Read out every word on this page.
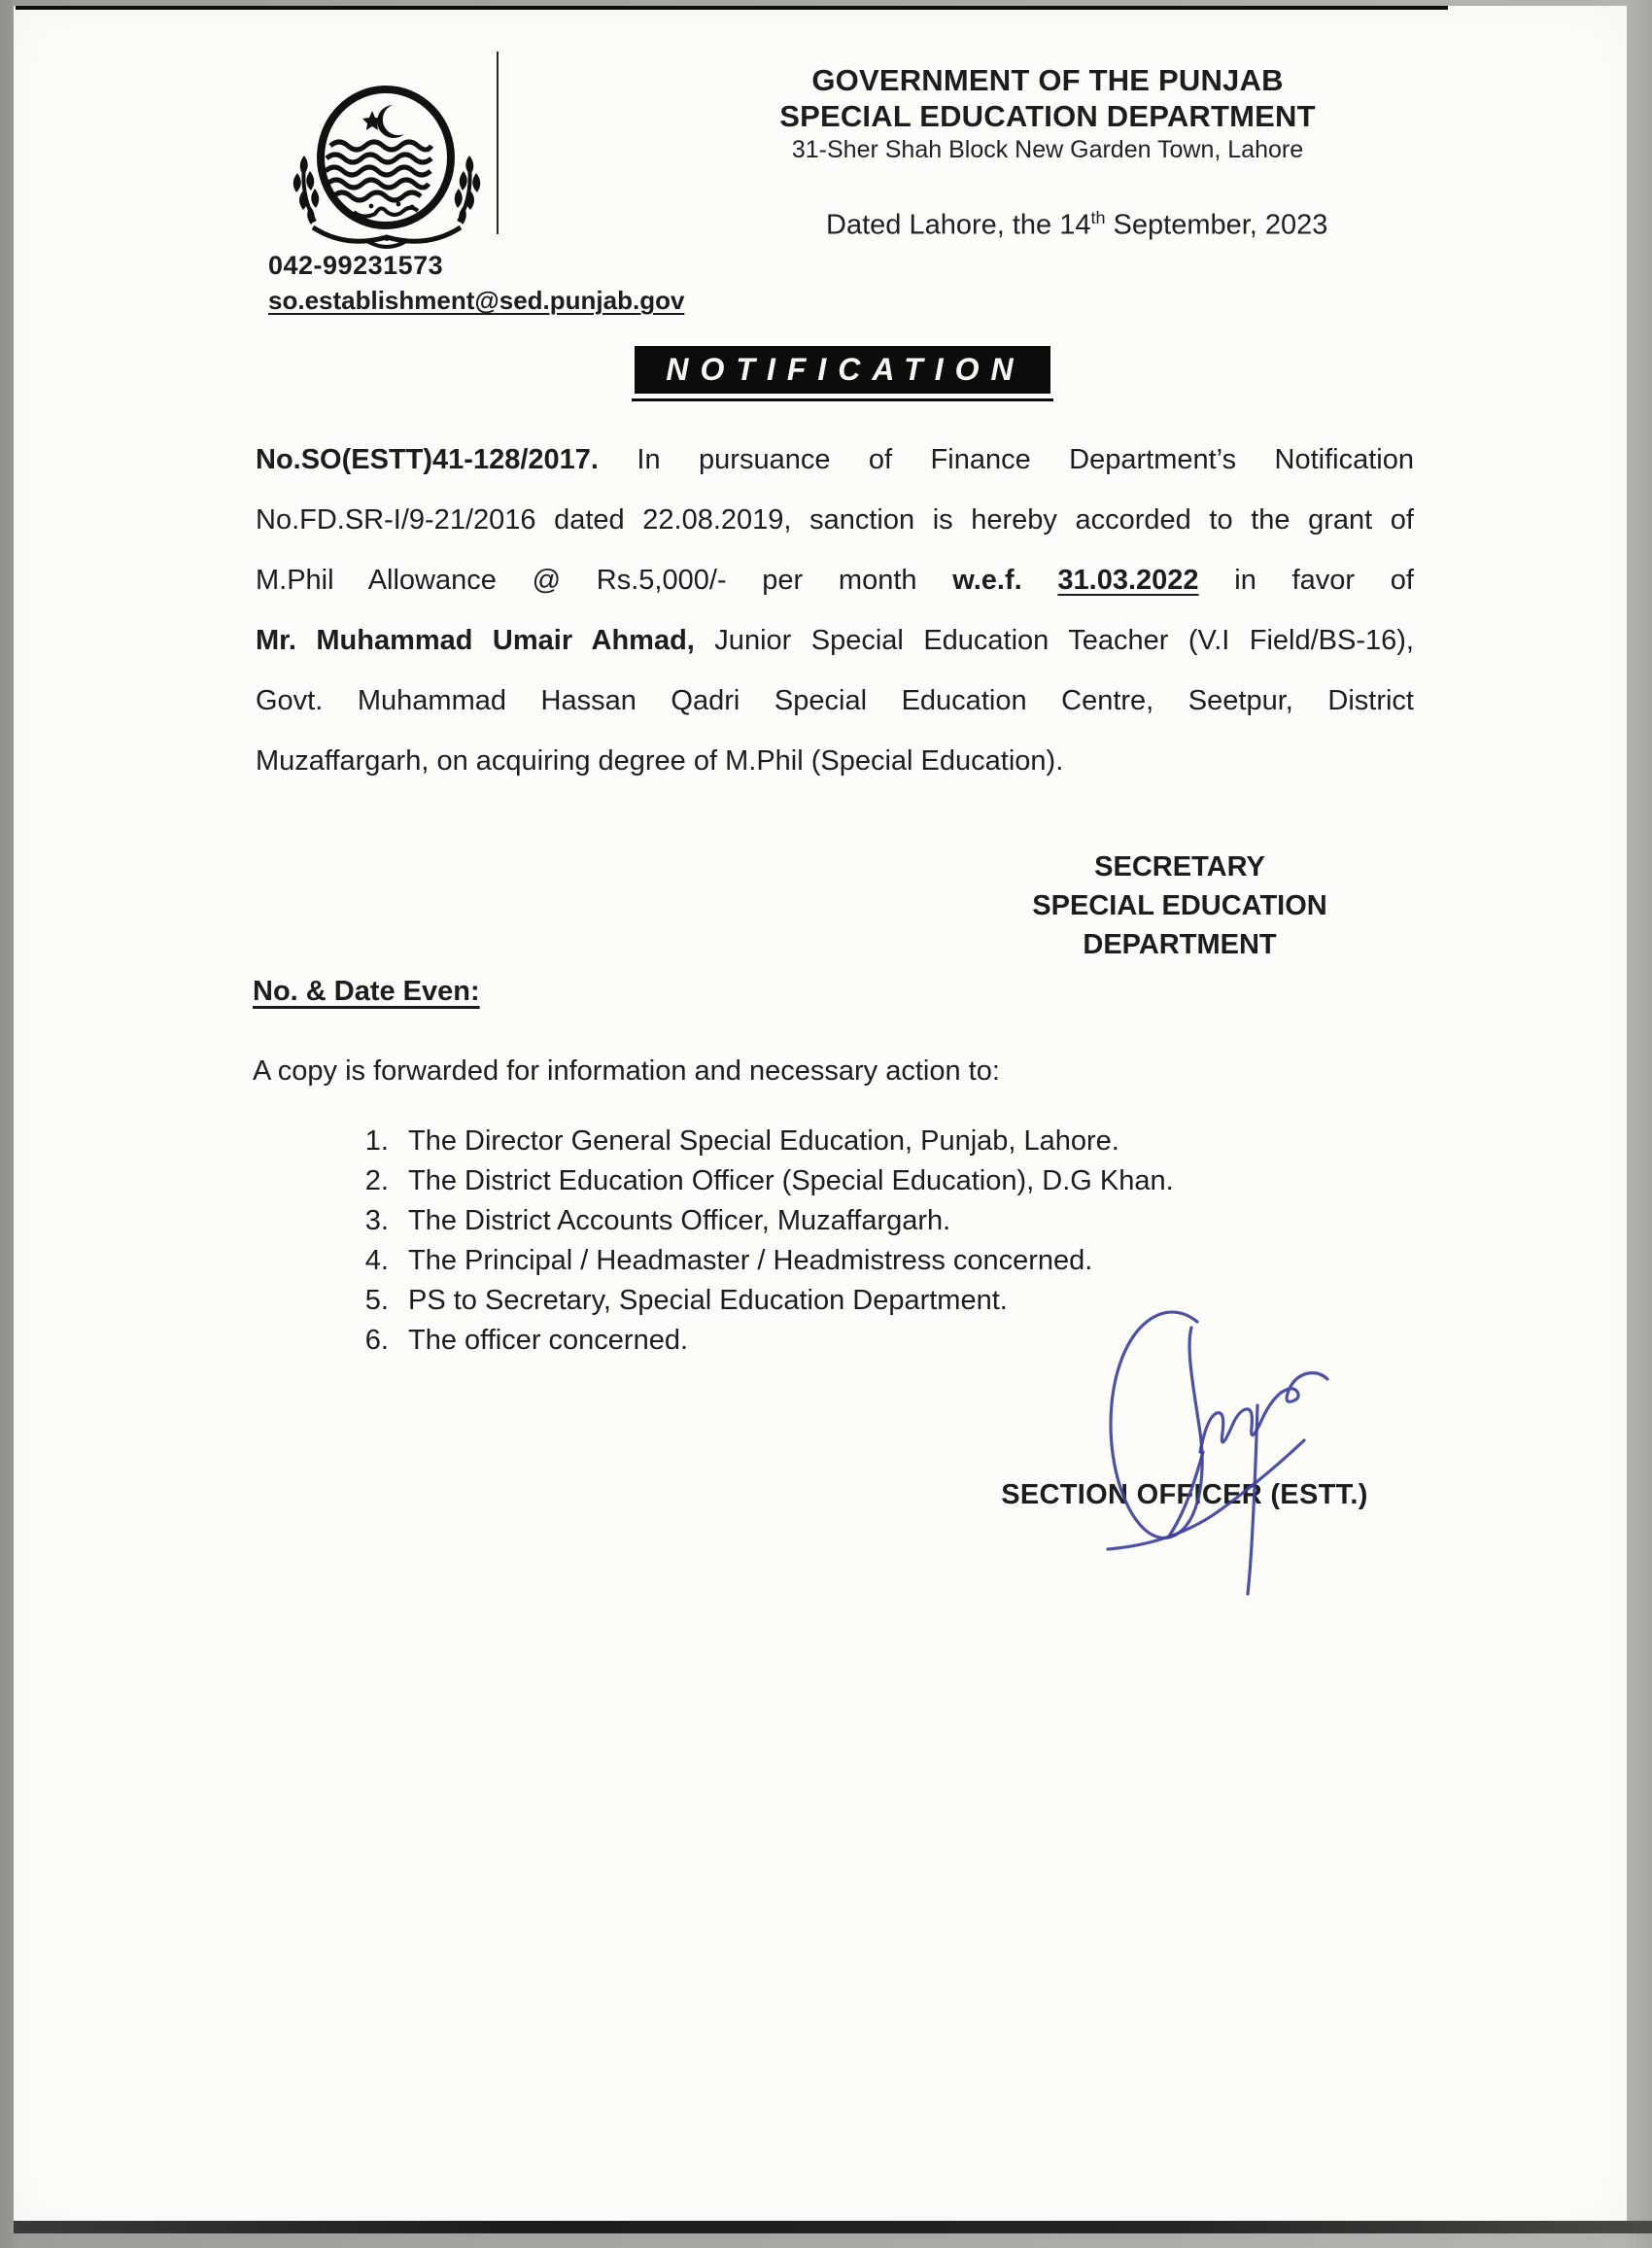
GOVERNMENT OF THE PUNJAB
SPECIAL EDUCATION DEPARTMENT
31-Sher Shah Block New Garden Town, Lahore
Dated Lahore, the 14th September, 2023
042-99231573
so.establishment@sed.punjab.gov
NOTIFICATION
No.SO(ESTT)41-128/2017. In pursuance of Finance Department’s Notification
No.FD.SR-I/9-21/2016 dated 22.08.2019, sanction is hereby accorded to the grant of
M.Phil Allowance @ Rs.5,000/- per month w.e.f. 31.03.2022 in favor of
Mr. Muhammad Umair Ahmad, Junior Special Education Teacher (V.I Field/BS-16),
Govt. Muhammad Hassan Qadri Special Education Centre, Seetpur, District
Muzaffargarh, on acquiring degree of M.Phil (Special Education).
SECRETARY
SPECIAL EDUCATION
DEPARTMENT
No. & Date Even:
A copy is forwarded for information and necessary action to:
1. The Director General Special Education, Punjab, Lahore.
2. The District Education Officer (Special Education), D.G Khan.
3. The District Accounts Officer, Muzaffargarh.
4. The Principal / Headmaster / Headmistress concerned.
5. PS to Secretary, Special Education Department.
6. The officer concerned.
SECTION OFFICER (ESTT.)
